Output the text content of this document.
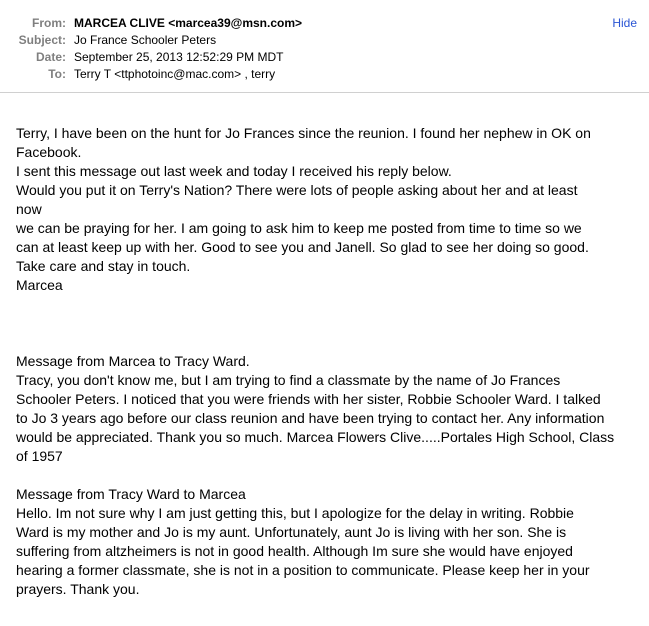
From: MARCEA CLIVE <marcea39@msn.com>
Subject: Jo France Schooler Peters
Date: September 25, 2013 12:52:29 PM MDT
To: Terry T <ttphotoinc@mac.com> , terry
Hide
Terry, I have been on the hunt for Jo Frances since the reunion. I found her nephew in OK on
Facebook.
I sent this message out last week and today I received his reply below.
Would you put it on Terry's Nation? There were lots of people asking about her and at least
now
we can be praying for her. I am going to ask him to keep me posted from time to time so we
can at least keep up with her. Good to see you and Janell. So glad to see her doing so good.
Take care and stay in touch.
Marcea
Message from Marcea to Tracy Ward.
Tracy, you don't know me, but I am trying to find a classmate by the name of Jo Frances
Schooler Peters. I noticed that you were friends with her sister, Robbie Schooler Ward. I talked
to Jo 3 years ago before our class reunion and have been trying to contact her. Any information
would be appreciated. Thank you so much. Marcea Flowers Clive.....Portales High School, Class
of 1957
Message from Tracy Ward to Marcea
Hello. Im not sure why I am just getting this, but I apologize for the delay in writing. Robbie
Ward is my mother and Jo is my aunt. Unfortunately, aunt Jo is living with her son. She is
suffering from altzheimers is not in good health. Although Im sure she would have enjoyed
hearing a former classmate, she is not in a position to communicate. Please keep her in your
prayers. Thank you.
